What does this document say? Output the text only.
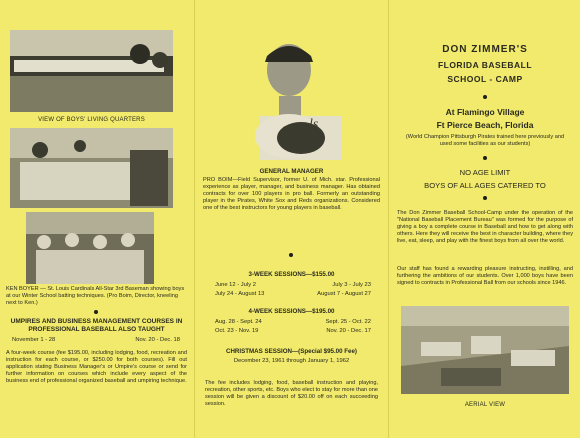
VIEW OF BOYS' LIVING QUARTERS
KEN BOYER — St. Louis Cardinals All-Star 3rd Baseman showing boys at our Winter School batting techniques. (Pro Boim, Director, kneeling next to Ken.)
UMPIRES AND BUSINESS MANAGEMENT COURSES IN PROFESSIONAL BASEBALL ALSO TAUGHT
November 1 - 28	Nov. 20 - Dec. 18
A four-week course (fee $195.00, including lodging, food, recreation and instruction for each course, or $250.00 for both courses). Fill out application stating Business Manager's or Umpire's course or send for further information on courses which include every aspect of the business end of professional organized baseball and umpiring technique.
ls
GENERAL MANAGER
PRO BOIM—Field Supervisor, former U. of Mich. star. Professional experience as player, manager, and business manager. Has obtained contracts for over 100 players in pro ball. Formerly an outstanding player in the Pirates, White Sox and Reds organizations. Considered one of the best instructors for young players in baseball.
3-WEEK SESSIONS—$155.00
June 12 - July 2	July 3 - July 23
July 24 - August 13	August 7 - August 27
4-WEEK SESSIONS—$195.00
Aug. 28 - Sept. 24	Sept. 25 - Oct. 22
Oct. 23 - Nov. 19	Nov. 20 - Dec. 17
CHRISTMAS SESSION—(Special $95.00 Fee)
December 23, 1961 through January 1, 1962
The fee includes lodging, food, baseball instruction and playing, recreation, other sports, etc. Boys who elect to stay for more than one session will be given a discount of $20.00 off on each succeeding session.
DON ZIMMER'S
FLORIDA BASEBALL
SCHOOL - CAMP
At Flamingo Village
Ft Pierce Beach, Florida
(World Champion Pittsburgh Pirates trained here previously and used some facilities as our students)
NO AGE LIMIT
BOYS OF ALL AGES CATERED TO
The Don Zimmer Baseball School-Camp under the operation of the "National Baseball Placement Bureau" was formed for the purpose of giving a boy a complete course in Baseball and how to get along with others. Here they will receive the best in character building, where they live, eat, sleep, and play with the finest boys from all over the world.
Our staff has found a rewarding pleasure instructing, instilling, and furthering the ambitions of our students. Over 1,000 boys have been signed to contracts in Professional Ball from our schools since 1946.
AERIAL VIEW
